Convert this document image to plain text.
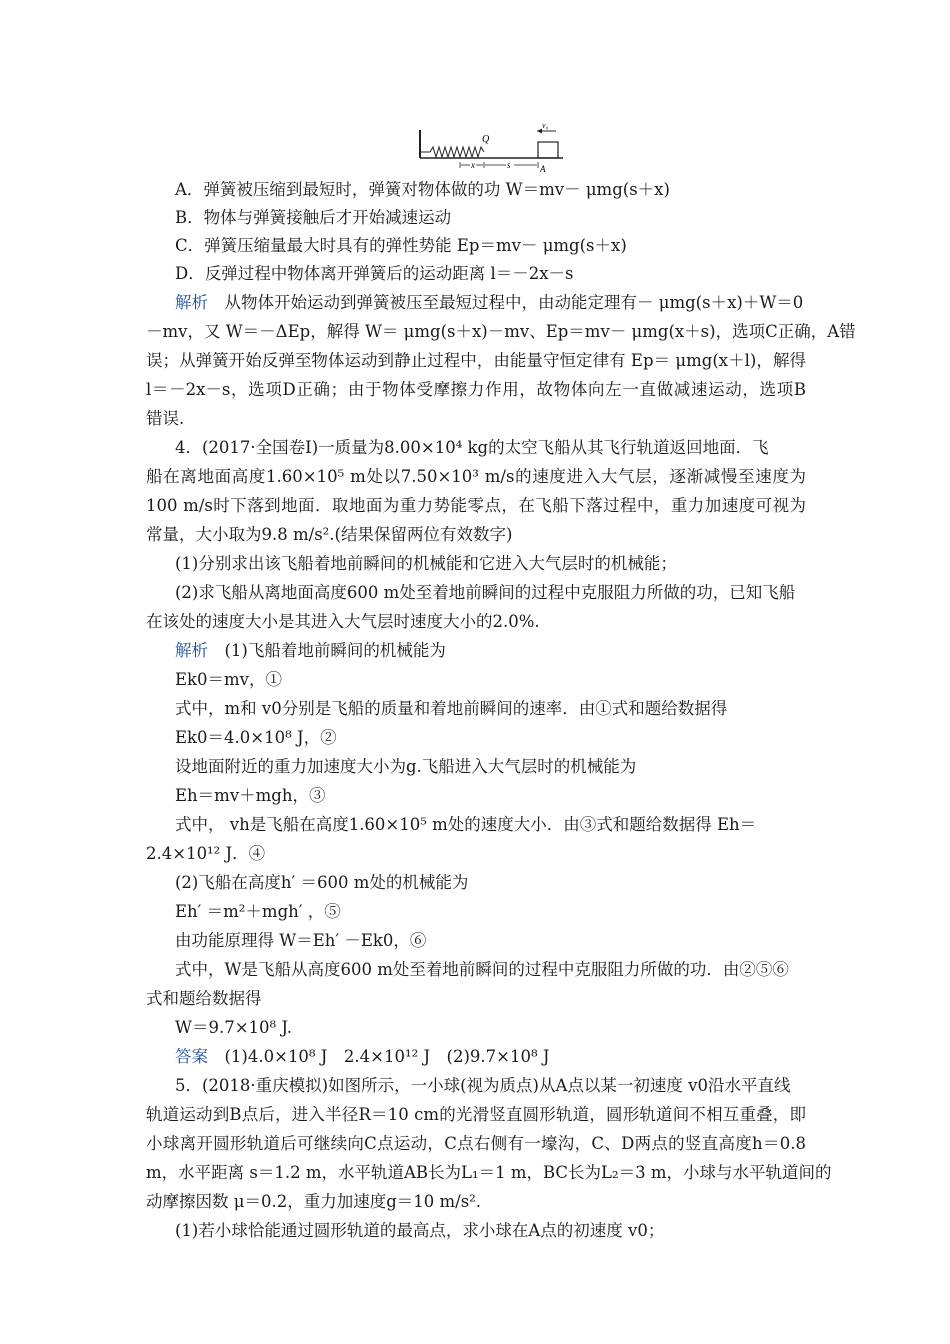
Q
v₀
x	s	A
A．弹簧被压缩到最短时，弹簧对物体做的功 W＝mv－ μmg(s＋x)
B．物体与弹簧接触后才开始减速运动
C．弹簧压缩量最大时具有的弹性势能 Ep＝mv－ μmg(s＋x)
D．反弹过程中物体离开弹簧后的运动距离 l＝－2x－s
解析　 从物体开始运动到弹簧被压至最短过程中，由动能定理有－ μmg(s＋x)＋W＝0
－mv，又 W＝－ΔEp，解得 W＝ μmg(s＋x)－mv、Ep＝mv－ μmg(x＋s)，选项C正确，A错
误；从弹簧开始反弹至物体运动到静止过程中，由能量守恒定律有 Ep＝ μmg(x＋l)，解得
l＝－2x－s，选项D正确；由于物体受摩擦力作用，故物体向左一直做减速运动，选项B
错误.
4．(2017·全国卷Ⅰ)一质量为8.00×10⁴ kg的太空飞船从其飞行轨道返回地面．飞
船在离地面高度1.60×10⁵ m处以7.50×10³ m/s的速度进入大气层，逐渐减慢至速度为
100 m/s时下落到地面．取地面为重力势能零点，在飞船下落过程中，重力加速度可视为
常量，大小取为9.8 m/s².(结果保留两位有效数字)
(1)分别求出该飞船着地前瞬间的机械能和它进入大气层时的机械能；
(2)求飞船从离地面高度600 m处至着地前瞬间的过程中克服阻力所做的功，已知飞船
在该处的速度大小是其进入大气层时速度大小的2.0%.
解析　 (1)飞船着地前瞬间的机械能为
Ek0＝mv，①
式中，m和 v0分别是飞船的质量和着地前瞬间的速率．由①式和题给数据得
Ek0＝4.0×10⁸ J，②
设地面附近的重力加速度大小为g.飞船进入大气层时的机械能为
Eh＝mv＋mgh，③
式中， vh是飞船在高度1.60×10⁵ m处的速度大小．由③式和题给数据得 Eh＝
2.4×10¹² J．④
(2)飞船在高度h′ ＝600 m处的机械能为
Eh′ ＝m²＋mgh′ ，⑤
由功能原理得 W＝Eh′ －Ek0，⑥
式中，W是飞船从高度600 m处至着地前瞬间的过程中克服阻力所做的功．由②⑤⑥
式和题给数据得
W＝9.7×10⁸ J.
答案　 (1)4.0×10⁸ J　2.4×10¹² J　(2)9.7×10⁸ J
5．(2018·重庆模拟)如图所示，一小球(视为质点)从A点以某一初速度 v0沿水平直线
轨道运动到B点后，进入半径R＝10 cm的光滑竖直圆形轨道，圆形轨道间不相互重叠，即
小球离开圆形轨道后可继续向C点运动，C点右侧有一壕沟，C、D两点的竖直高度h＝0.8
m，水平距离 s＝1.2 m，水平轨道AB长为L₁＝1 m，BC长为L₂＝3 m，小球与水平轨道间的
动摩擦因数 μ＝0.2，重力加速度g＝10 m/s².
(1)若小球恰能通过圆形轨道的最高点，求小球在A点的初速度 v0；
